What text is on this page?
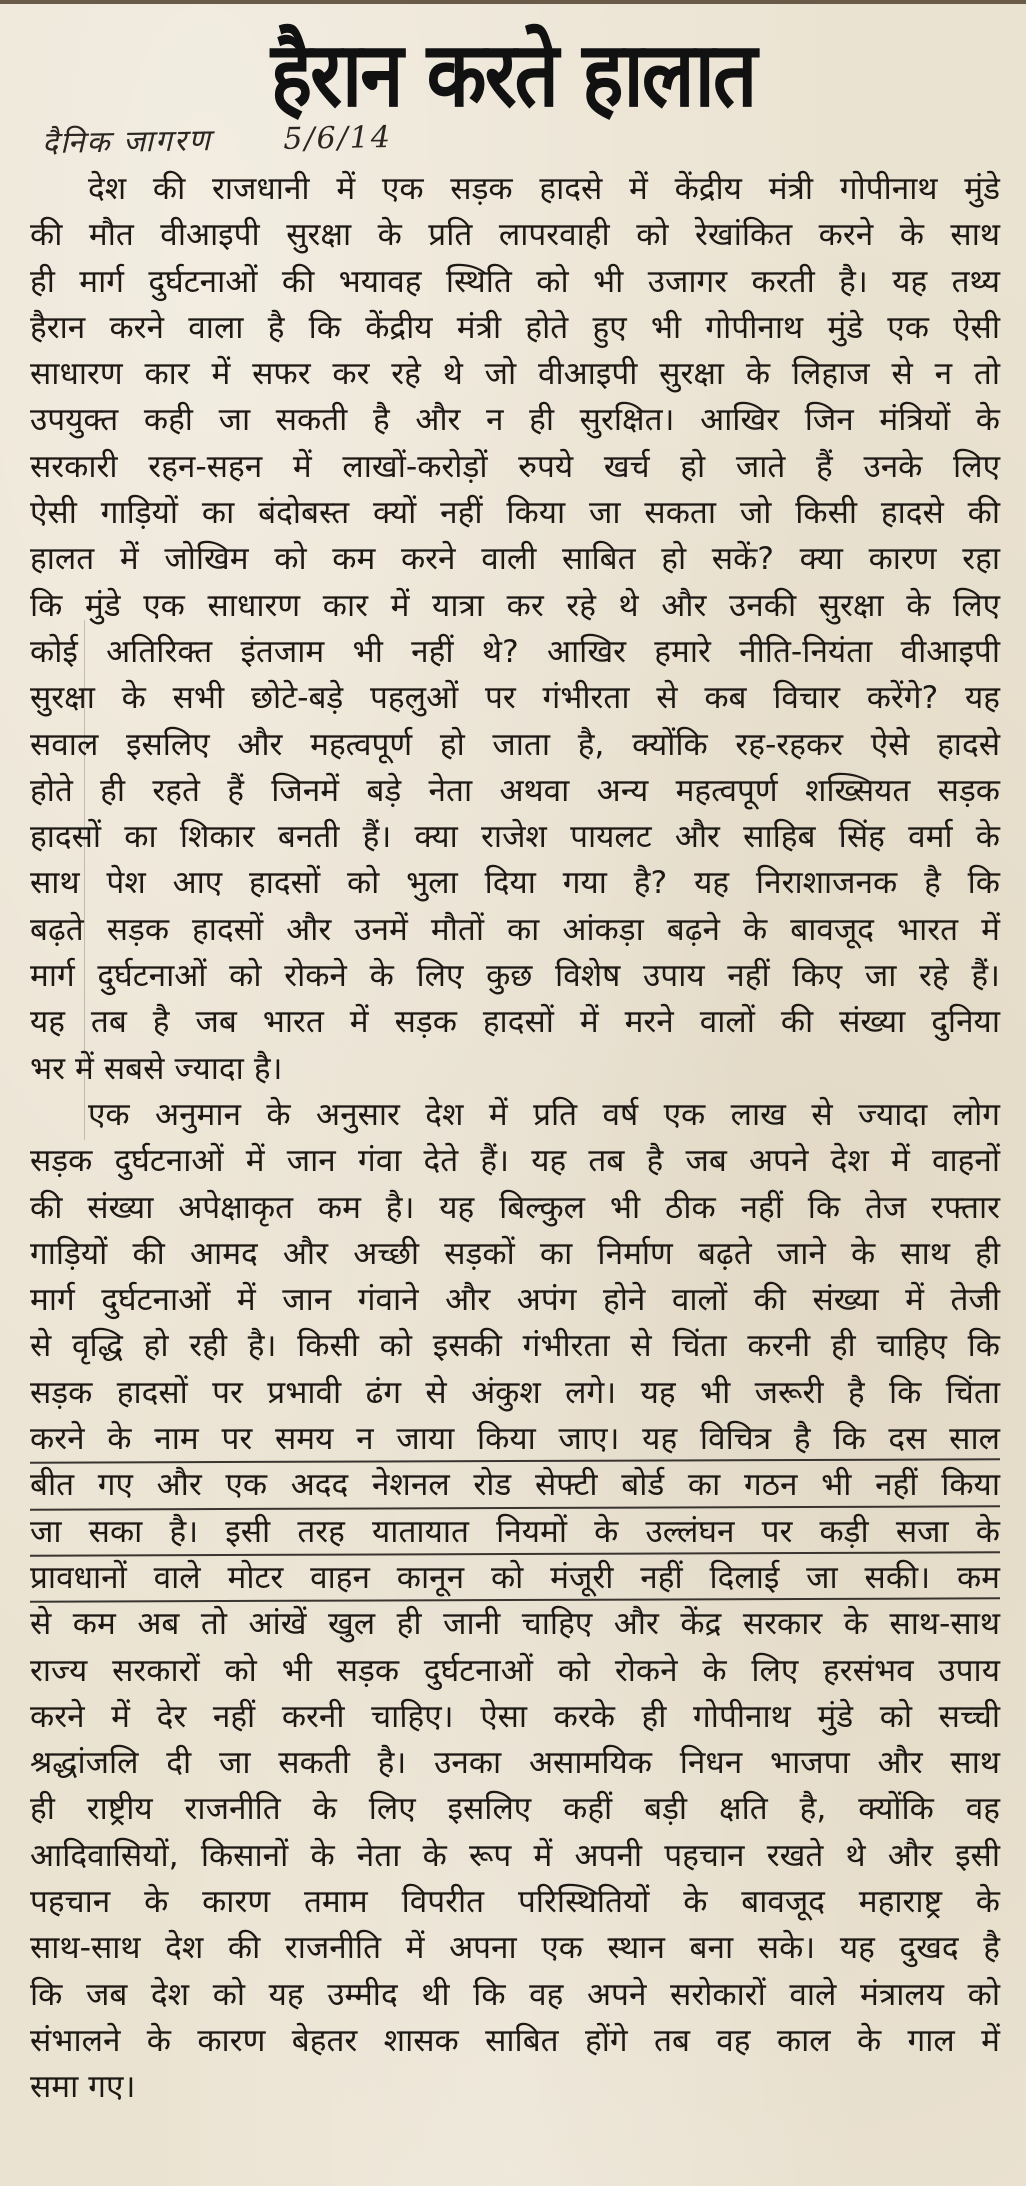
हैरान करते हालात
दैनिक जागरण 5/6/14
देश की राजधानी में एक सड़क हादसे में केंद्रीय मंत्री गोपीनाथ मुंडे
की मौत वीआइपी सुरक्षा के प्रति लापरवाही को रेखांकित करने के साथ
ही मार्ग दुर्घटनाओं की भयावह स्थिति को भी उजागर करती है। यह तथ्य
हैरान करने वाला है कि केंद्रीय मंत्री होते हुए भी गोपीनाथ मुंडे एक ऐसी
साधारण कार में सफर कर रहे थे जो वीआइपी सुरक्षा के लिहाज से न तो
उपयुक्त कही जा सकती है और न ही सुरक्षित। आखिर जिन मंत्रियों के
सरकारी रहन-सहन में लाखों-करोड़ों रुपये खर्च हो जाते हैं उनके लिए
ऐसी गाड़ियों का बंदोबस्त क्यों नहीं किया जा सकता जो किसी हादसे की
हालत में जोखिम को कम करने वाली साबित हो सकें? क्या कारण रहा
कि मुंडे एक साधारण कार में यात्रा कर रहे थे और उनकी सुरक्षा के लिए
कोई अतिरिक्त इंतजाम भी नहीं थे? आखिर हमारे नीति-नियंता वीआइपी
सुरक्षा के सभी छोटे-बड़े पहलुओं पर गंभीरता से कब विचार करेंगे? यह
सवाल इसलिए और महत्वपूर्ण हो जाता है, क्योंकि रह-रहकर ऐसे हादसे
होते ही रहते हैं जिनमें बड़े नेता अथवा अन्य महत्वपूर्ण शख्सियत सड़क
हादसों का शिकार बनती हैं। क्या राजेश पायलट और साहिब सिंह वर्मा के
साथ पेश आए हादसों को भुला दिया गया है? यह निराशाजनक है कि
बढ़ते सड़क हादसों और उनमें मौतों का आंकड़ा बढ़ने के बावजूद भारत में
मार्ग दुर्घटनाओं को रोकने के लिए कुछ विशेष उपाय नहीं किए जा रहे हैं।
यह तब है जब भारत में सड़क हादसों में मरने वालों की संख्या दुनिया
भर में सबसे ज्यादा है।
एक अनुमान के अनुसार देश में प्रति वर्ष एक लाख से ज्यादा लोग
सड़क दुर्घटनाओं में जान गंवा देते हैं। यह तब है जब अपने देश में वाहनों
की संख्या अपेक्षाकृत कम है। यह बिल्कुल भी ठीक नहीं कि तेज रफ्तार
गाड़ियों की आमद और अच्छी सड़कों का निर्माण बढ़ते जाने के साथ ही
मार्ग दुर्घटनाओं में जान गंवाने और अपंग होने वालों की संख्या में तेजी
से वृद्धि हो रही है। किसी को इसकी गंभीरता से चिंता करनी ही चाहिए कि
सड़क हादसों पर प्रभावी ढंग से अंकुश लगे। यह भी जरूरी है कि चिंता
करने के नाम पर समय न जाया किया जाए। यह विचित्र है कि दस साल
बीत गए और एक अदद नेशनल रोड सेफ्टी बोर्ड का गठन भी नहीं किया
जा सका है। इसी तरह यातायात नियमों के उल्लंघन पर कड़ी सजा के
प्रावधानों वाले मोटर वाहन कानून को मंजूरी नहीं दिलाई जा सकी। कम
से कम अब तो आंखें खुल ही जानी चाहिए और केंद्र सरकार के साथ-साथ
राज्य सरकारों को भी सड़क दुर्घटनाओं को रोकने के लिए हरसंभव उपाय
करने में देर नहीं करनी चाहिए। ऐसा करके ही गोपीनाथ मुंडे को सच्ची
श्रद्धांजलि दी जा सकती है। उनका असामयिक निधन भाजपा और साथ
ही राष्ट्रीय राजनीति के लिए इसलिए कहीं बड़ी क्षति है, क्योंकि वह
आदिवासियों, किसानों के नेता के रूप में अपनी पहचान रखते थे और इसी
पहचान के कारण तमाम विपरीत परिस्थितियों के बावजूद महाराष्ट्र के
साथ-साथ देश की राजनीति में अपना एक स्थान बना सके। यह दुखद है
कि जब देश को यह उम्मीद थी कि वह अपने सरोकारों वाले मंत्रालय को
संभालने के कारण बेहतर शासक साबित होंगे तब वह काल के गाल में
समा गए।
